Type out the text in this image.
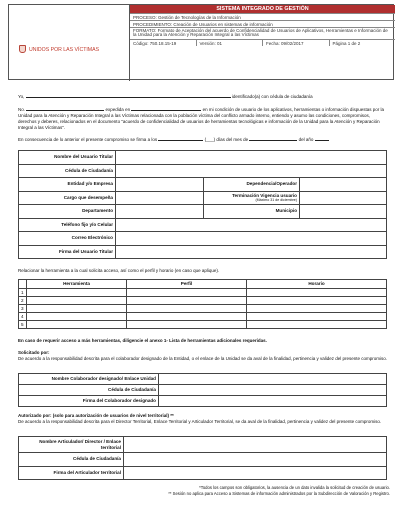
UNIDOS POR LAS VÍCTIMAS
SISTEMA INTEGRADO DE GESTIÓN
PROCESO: Gestión de Tecnologías de la Información
PROCEDIMIENTO: Creación de Usuarios en sistemas de información
FORMATO: Formato de Aceptación del acuerdo de Confidencialidad de Usuarios de Aplicativos, Herramientas e Información de la Unidad para la Atención y Reparación Integral a las Víctimas
Código: 750.18.15-19	Versión: 01	Fecha: 09/02/2017	Página 1 de 2
Yo,	identificado(a) con cédula de ciudadanía
No.	expedida en	en mi condición de usuario de los aplicativos, herramientas o información dispuestas por la Unidad para la Atención y Reparación Integral a las Víctimas relacionada con la población víctima del conflicto armado interno, entiendo y asumo las condiciones, compromisos, derechos y deberes, relacionados en el documento "acuerdo de confidencialidad de usuarios de herramientas tecnológicas e información de la Unidad para la Atención y Reparación Integral a las Víctimas".
En consecuencia de lo anterior el presente compromiso se firma a los	(___) días del mes de	del año
Nombre del Usuario Titular			
Cédula de Ciudadanía			
Entidad y/o Empresa		Dependencia/Operador	
Cargo que desempeña		Terminación Vigencia usuario
(Máximo 31 de diciembre)	

Departamento		Municipio	
Teléfono fijo y/o Celular			
Correo Electrónico			
Firma del Usuario Titular			
Relacionar la herramienta a la cual solicita acceso, así como el perfil y horario (en caso que aplique).
	Herramienta	Perfil	Horario
1			
2			
3			
4			
5			
En caso de requerir acceso a más herramientas, diligencie el anexo 1- Lista de herramientas adicionales requeridas.
Solicitado por:
De acuerdo a la responsabilidad descrita para el colaborador designado de la Entidad, o el enlace de la Unidad se da aval de la finalidad, pertinencia y validez del presente compromiso.
Nombre Colaborador designado/ Enlace Unidad	
Cédula de Ciudadanía	
Firma del Colaborador designado	
Autorizado por: (solo para autorización de usuarios de nivel territorial) **
De acuerdo a la responsabilidad descrita para el Director Territorial, Enlace Territorial y Articulador Territorial, se da aval de la finalidad, pertinencia y validez del presente compromiso.
Nombre Articulador/ Director / Enlace territorial	
Cédula de Ciudadanía	
Firma del Articulador territorial	
*Todos los campos son obligatorios, la ausencia de un dato invalida la solicitud de creación de usuario.
** Sesión no aplica para Acceso a Sistemas de información administrados por la Subdirección de Valoración y Registro.
